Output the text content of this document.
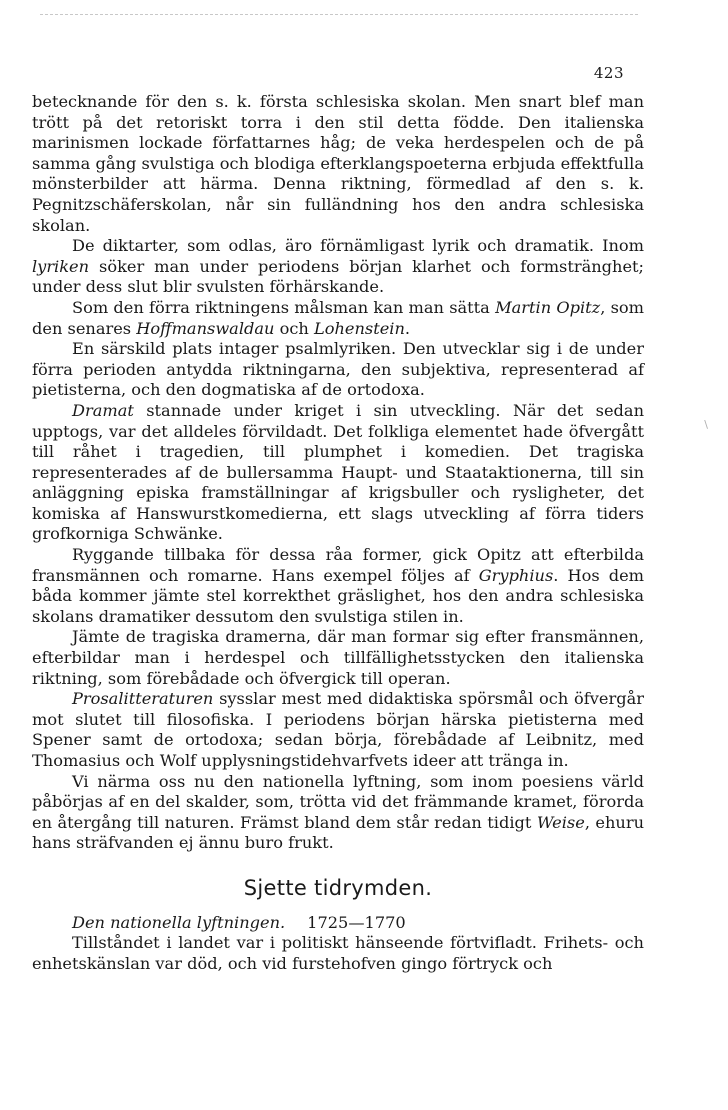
423
\

betecknande för den s. k. första schlesiska skolan. Men snart blef man trött på det retoriskt torra i den stil detta födde. Den italienska marinismen lockade författarnes håg; de veka herdespelen och de på samma gång svulstiga och blodiga efterklangspoeterna erbjuda effektfulla mönsterbilder att härma. Denna riktning, förmedlad af den s. k. Pegnitzschäferskolan, når sin fulländning hos den andra schlesiska skolan.

De diktarter, som odlas, äro förnämligast lyrik och dramatik. Inom lyriken söker man under periodens början klarhet och formstränghet; under dess slut blir svulsten förhärskande.

Som den förra riktningens målsman kan man sätta Martin Opitz, som den senares Hoffmanswaldau och Lohenstein.

En särskild plats intager psalmlyriken. Den utvecklar sig i de under förra perioden antydda riktningarna, den subjektiva, representerad af pietisterna, och den dogmatiska af de ortodoxa.

Dramat stannade under kriget i sin utveckling. När det sedan upptogs, var det alldeles förvildadt. Det folkliga elementet hade öfvergått till råhet i tragedien, till plumphet i komedien. Det tragiska representerades af de bullersamma Haupt- und Staataktionerna, till sin anläggning episka framställningar af krigsbuller och rysligheter, det komiska af Hanswurstkomedierna, ett slags utveckling af förra tiders grofkorniga Schwänke.

Ryggande tillbaka för dessa råa former, gick Opitz att efterbilda fransmännen och romarne. Hans exempel följes af Gryphius. Hos dem båda kommer jämte stel korrekthet gräslighet, hos den andra schlesiska skolans dramatiker dessutom den svulstiga stilen in.

Jämte de tragiska dramerna, där man formar sig efter fransmännen, efterbildar man i herdespel och tillfällighetsstycken den italienska riktning, som förebådade och öfvergick till operan.

Prosalitteraturen sysslar mest med didaktiska spörsmål och öfvergår mot slutet till filosofiska. I periodens början härska pietisterna med Spener samt de ortodoxa; sedan börja, förebådade af Leibnitz, med Thomasius och Wolf upplysningstidehvarfvets ideer att tränga in.

Vi närma oss nu den nationella lyftning, som inom poesiens värld påbörjas af en del skalder, som, trötta vid det främmande kramet, förorda en återgång till naturen. Främst bland dem står redan tidigt Weise, ehuru hans sträfvanden ej ännu buro frukt.

Sjette tidrymden.

Den nationella lyftningen. 1725—1770

Tillståndet i landet var i politiskt hänseende förtvifladt. Frihets- och enhetskänslan var död, och vid furstehofven gingo förtryck och
